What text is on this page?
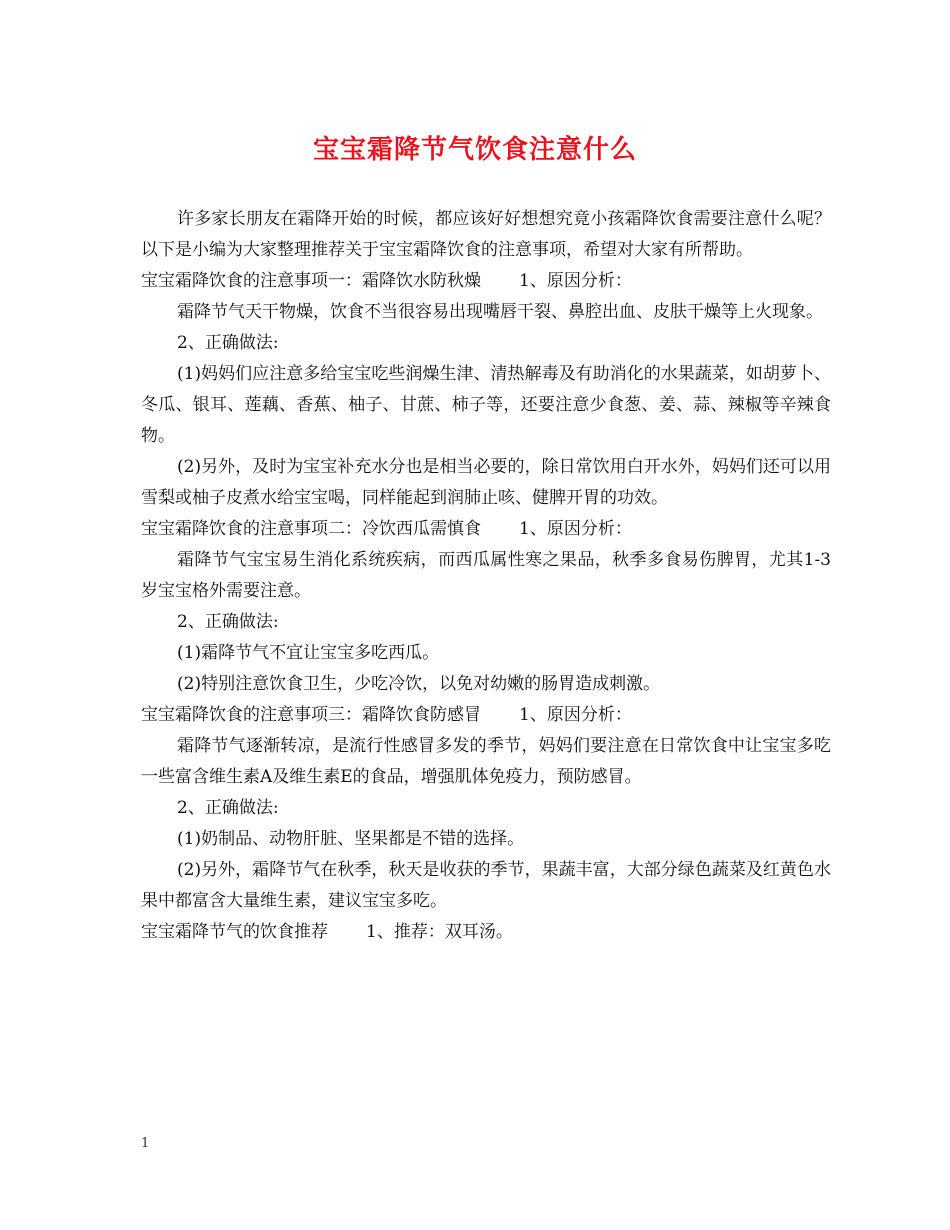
宝宝霜降节气饮食注意什么

许多家长朋友在霜降开始的时候，都应该好好想想究竟小孩霜降饮食需要注意什么呢？以下是小编为大家整理推荐关于宝宝霜降饮食的注意事项，希望对大家有所帮助。

宝宝霜降饮食的注意事项一：霜降饮水防秋燥 1、原因分析：

霜降节气天干物燥，饮食不当很容易出现嘴唇干裂、鼻腔出血、皮肤干燥等上火现象。

2、正确做法:

(1)妈妈们应注意多给宝宝吃些润燥生津、清热解毒及有助消化的水果蔬菜，如胡萝卜、冬瓜、银耳、莲藕、香蕉、柚子、甘蔗、柿子等，还要注意少食葱、姜、蒜、辣椒等辛辣食物。

(2)另外，及时为宝宝补充水分也是相当必要的，除日常饮用白开水外，妈妈们还可以用雪梨或柚子皮煮水给宝宝喝，同样能起到润肺止咳、健脾开胃的功效。

宝宝霜降饮食的注意事项二：冷饮西瓜需慎食 1、原因分析：

霜降节气宝宝易生消化系统疾病，而西瓜属性寒之果品，秋季多食易伤脾胃，尤其1-3岁宝宝格外需要注意。

2、正确做法:

(1)霜降节气不宜让宝宝多吃西瓜。

(2)特别注意饮食卫生，少吃冷饮，以免对幼嫩的肠胃造成刺激。

宝宝霜降饮食的注意事项三：霜降饮食防感冒 1、原因分析：

霜降节气逐渐转凉，是流行性感冒多发的季节，妈妈们要注意在日常饮食中让宝宝多吃一些富含维生素A及维生素E的食品，增强肌体免疫力，预防感冒。

2、正确做法:

(1)奶制品、动物肝脏、坚果都是不错的选择。

(2)另外，霜降节气在秋季，秋天是收获的季节，果蔬丰富，大部分绿色蔬菜及红黄色水果中都富含大量维生素，建议宝宝多吃。

宝宝霜降节气的饮食推荐 1、推荐：双耳汤。

1
